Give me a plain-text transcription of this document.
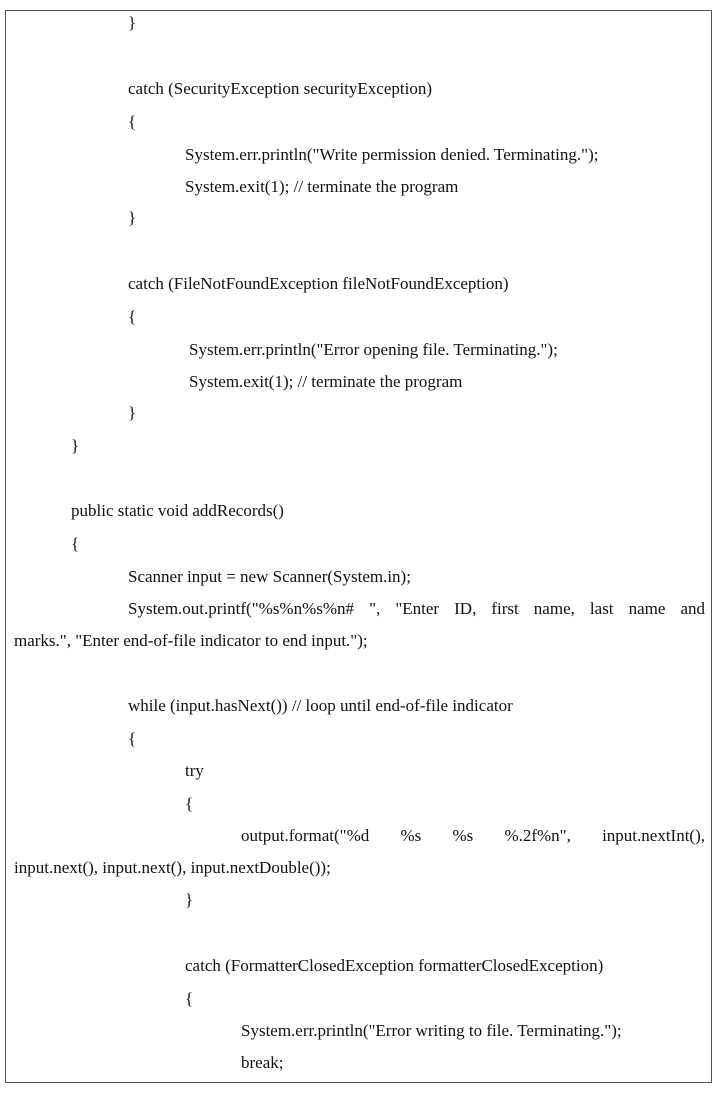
}
catch (SecurityException securityException)
{
System.err.println("Write permission denied. Terminating.");
System.exit(1); // terminate the program
}
catch (FileNotFoundException fileNotFoundException)
{
System.err.println("Error opening file. Terminating.");
System.exit(1); // terminate the program
}
}
public static void addRecords()
{
Scanner input = new Scanner(System.in);
System.out.printf("%s%n%s%n# ", "Enter ID, first name, last name and
marks.", "Enter end-of-file indicator to end input.");
while (input.hasNext()) // loop until end-of-file indicator
{
try
{
output.format("%d %s %s %.2f%n", input.nextInt(),
input.next(), input.next(), input.nextDouble());
}
catch (FormatterClosedException formatterClosedException)
{
System.err.println("Error writing to file. Terminating.");
break;
